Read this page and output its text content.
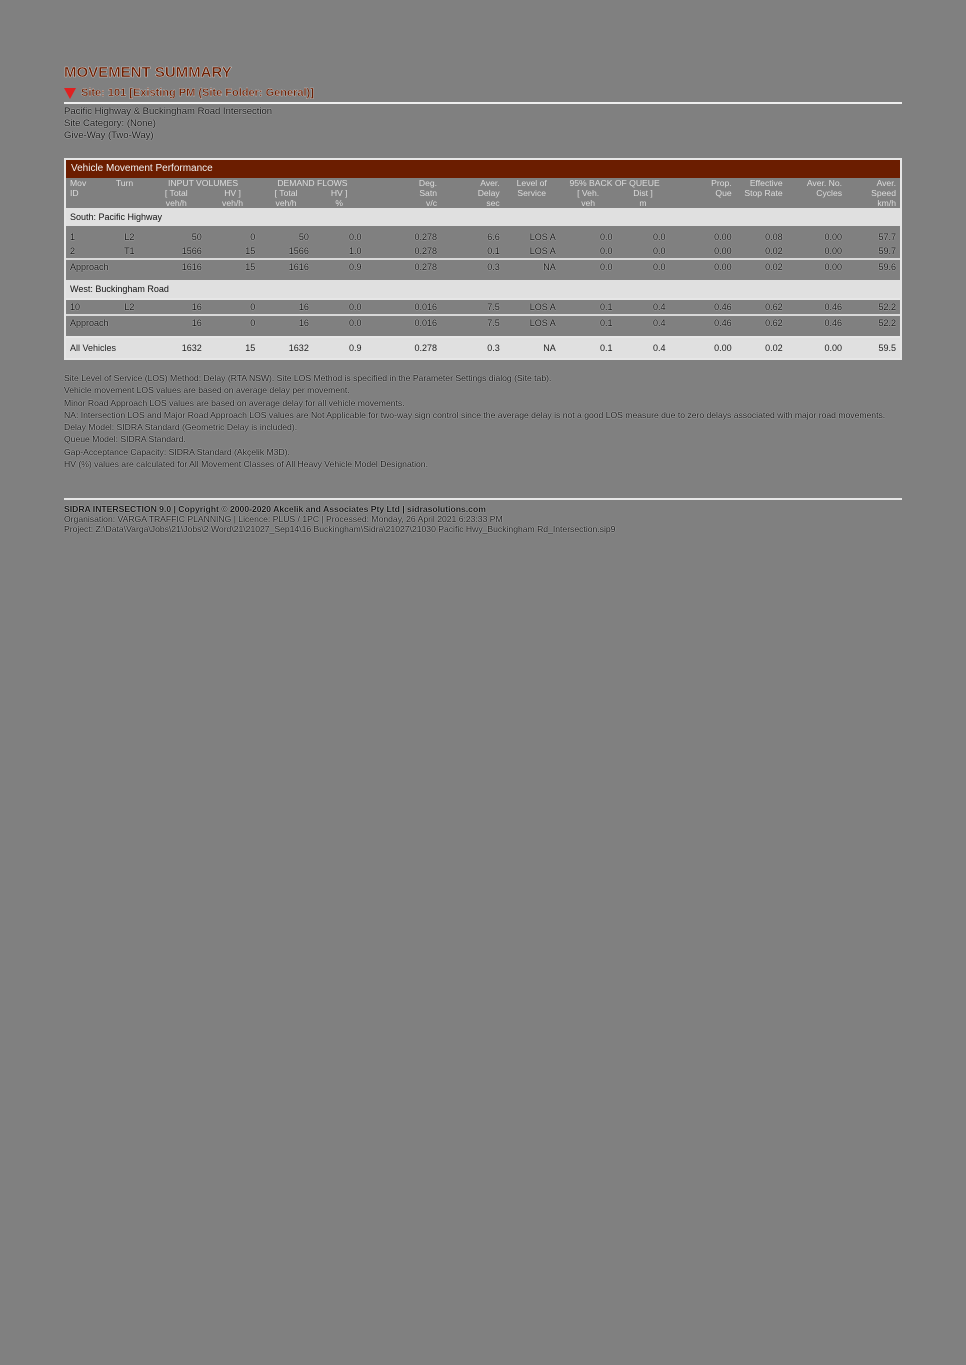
MOVEMENT SUMMARY
Site: 101 [Existing PM (Site Folder: General)]
Pacific Highway & Buckingham Road Intersection
Site Category: (None)
Give-Way (Two-Way)
Vehicle Movement Performance
Mov	Turn	INPUT VOLUMES		DEMAND FLOWS		Deg.	Aver.	Level of	95% BACK OF QUEUE		Prop.	Effective	Aver. No.	Aver.
ID		[ Total	HV ]	[ Total	HV ]	Satn	Delay	Service	[ Veh.	Dist ]	Que	Stop Rate	Cycles	Speed
		veh/h	veh/h	veh/h	%	v/c	sec		veh	m				km/h
South: Pacific Highway														

1	L2	50	0	50	0.0	0.278	6.6	LOS A	0.0	0.0	0.00	0.08	0.00	57.7
2	T1	1566	15	1566	1.0	0.278	0.1	LOS A	0.0	0.0	0.00	0.02	0.00	59.7
Approach		1616	15	1616	0.9	0.278	0.3	NA	0.0	0.0	0.00	0.02	0.00	59.6
West: Buckingham Road														
10	L2	16	0	16	0.0	0.016	7.5	LOS A	0.1	0.4	0.46	0.62	0.46	52.2
Approach		16	0	16	0.0	0.016	7.5	LOS A	0.1	0.4	0.46	0.62	0.46	52.2
All Vehicles		1632	15	1632	0.9	0.278	0.3	NA	0.1	0.4	0.00	0.02	0.00	59.5
Site Level of Service (LOS) Method: Delay (RTA NSW). Site LOS Method is specified in the Parameter Settings dialog (Site tab).
Vehicle movement LOS values are based on average delay per movement.
Minor Road Approach LOS values are based on average delay for all vehicle movements.
NA: Intersection LOS and Major Road Approach LOS values are Not Applicable for two-way sign control since the average delay is not a good LOS measure due to zero delays associated with major road movements.
Delay Model: SIDRA Standard (Geometric Delay is included).
Queue Model: SIDRA Standard.
Gap-Acceptance Capacity: SIDRA Standard (Akçelik M3D).
HV (%) values are calculated for All Movement Classes of All Heavy Vehicle Model Designation.
SIDRA INTERSECTION 9.0 | Copyright © 2000-2020 Akcelik and Associates Pty Ltd | sidrasolutions.com
Organisation: VARGA TRAFFIC PLANNING | Licence: PLUS / 1PC | Processed: Monday, 26 April 2021 6:23:33 PM
Project: Z:\Data\Varga\Jobs\21\Jobs\2 Word\21\21027_Sep14\16 Buckingham\Sidra\21027\21030 Pacific Hwy_Buckingham Rd_Intersection.sip9
